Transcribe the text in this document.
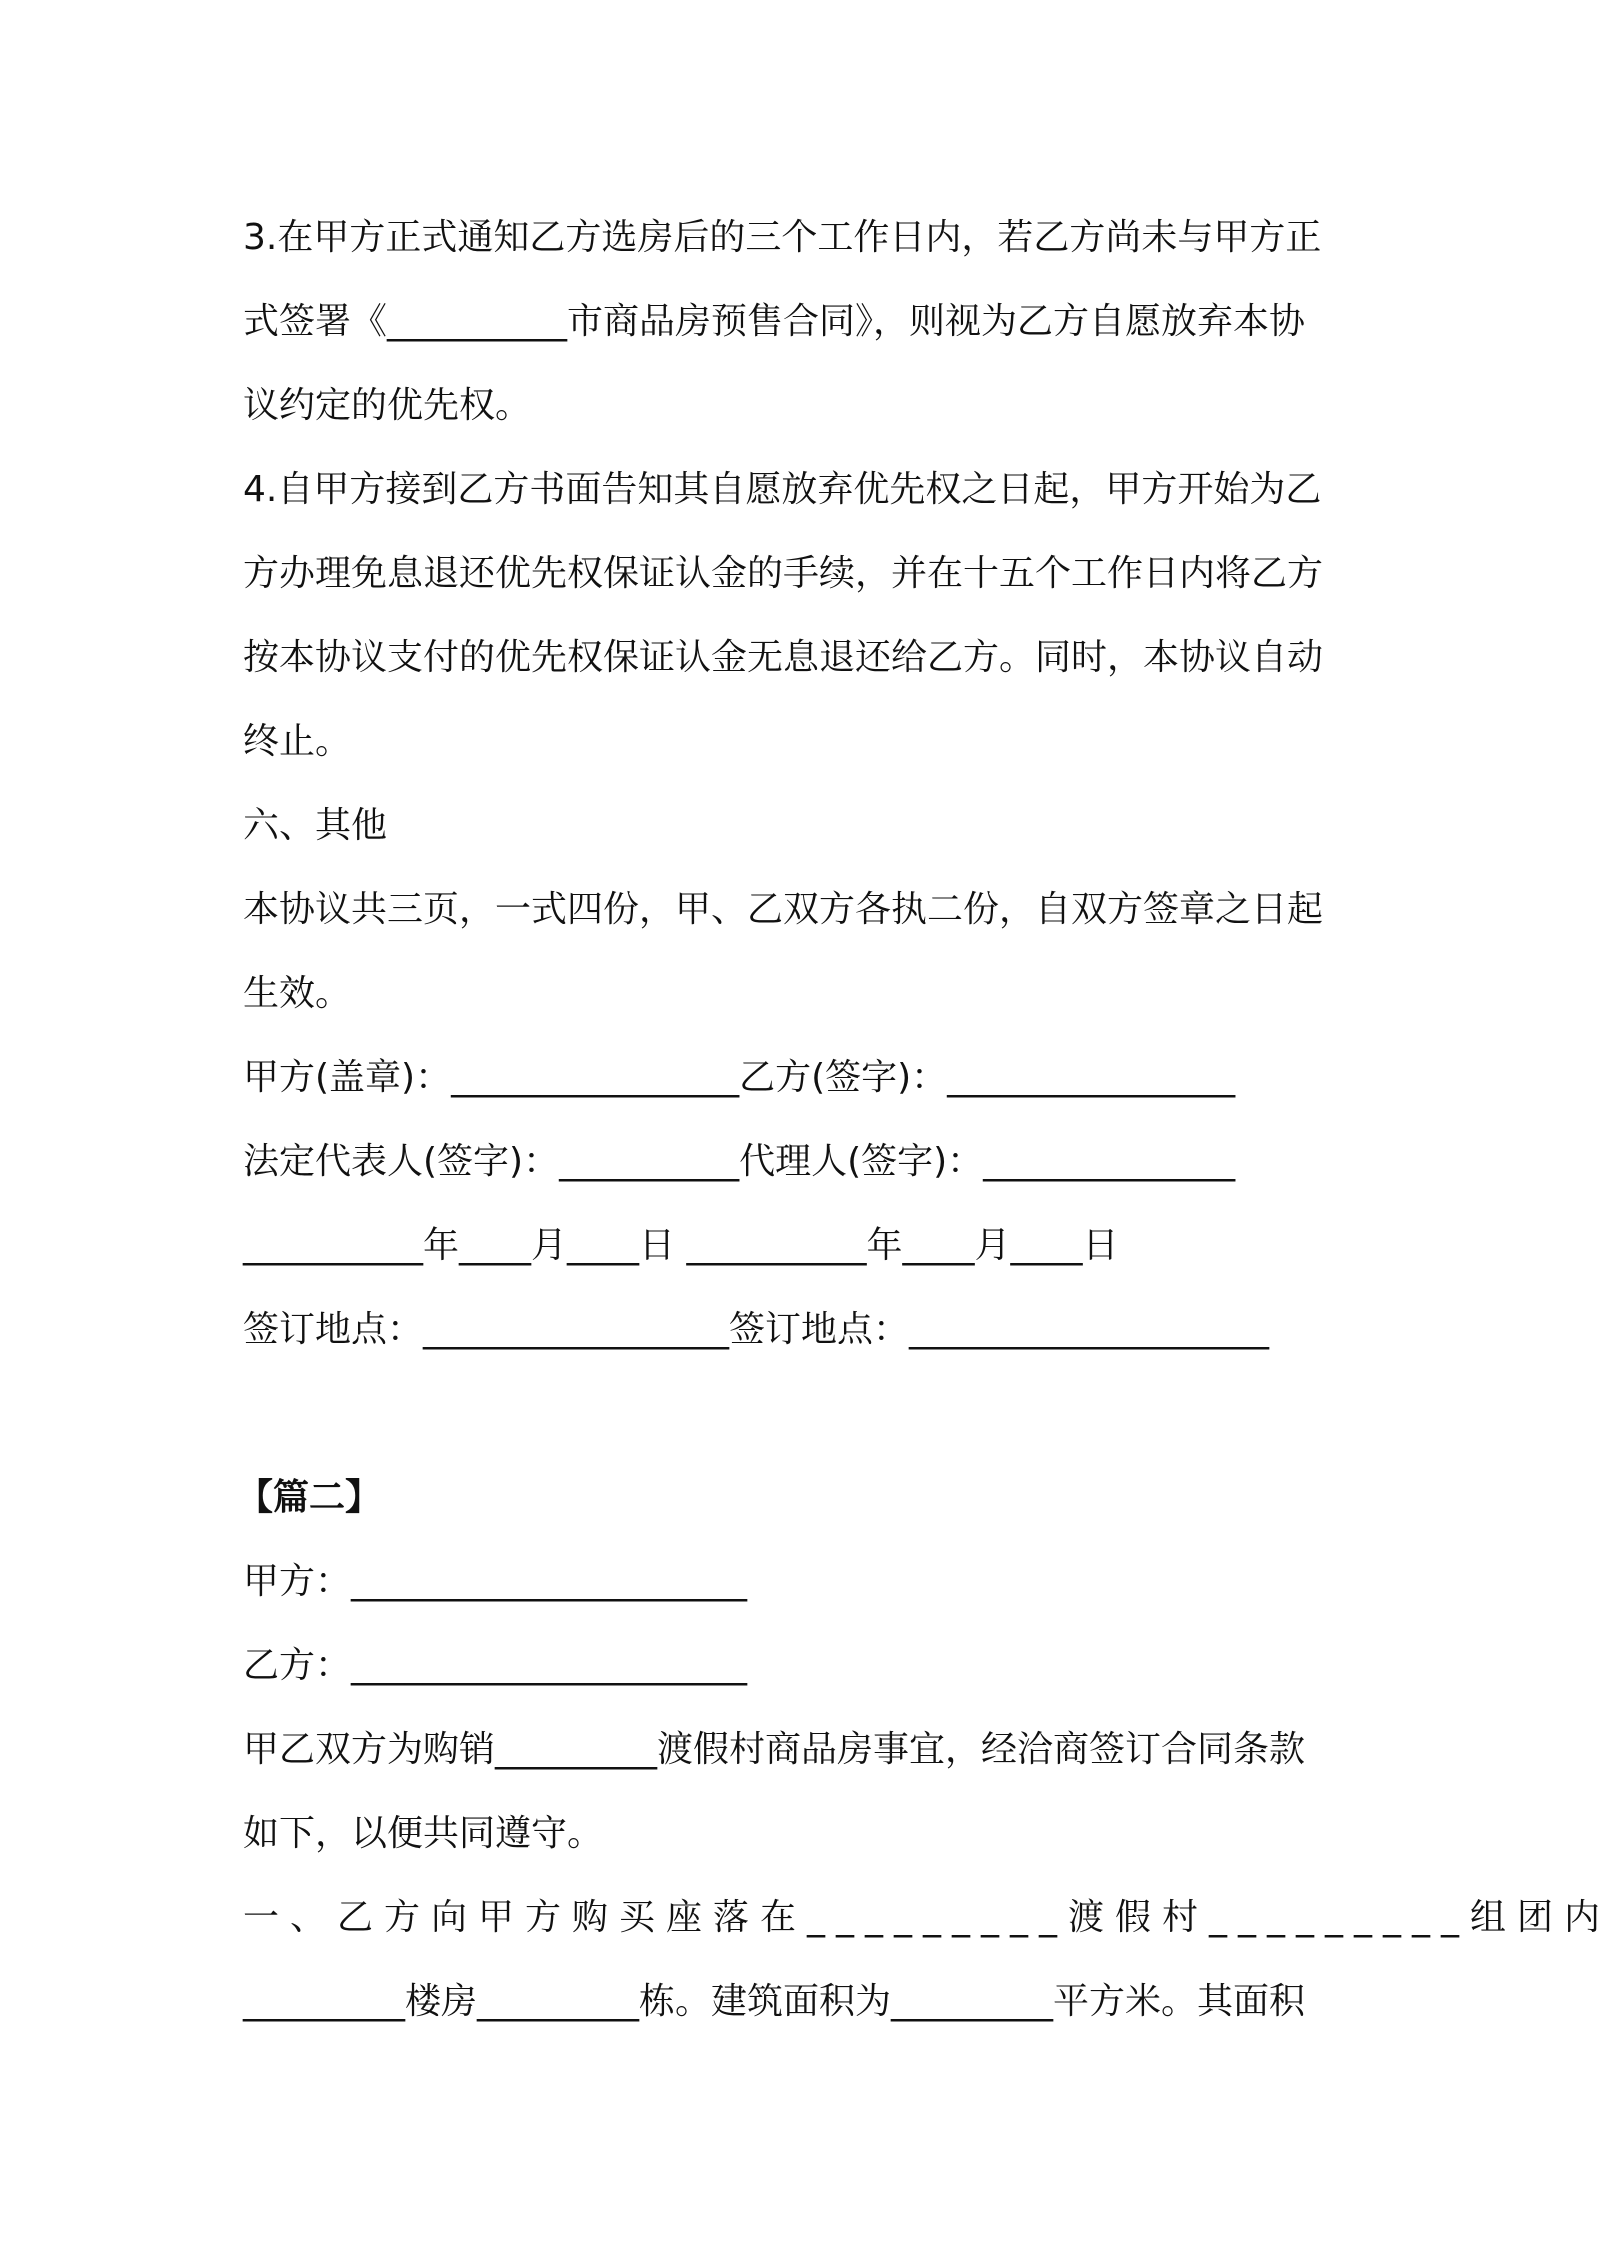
3.在甲方正式通知乙方选房后的三个工作日内，若乙方尚未与甲方正

式签署《__________市商品房预售合同》，则视为乙方自愿放弃本协

议约定的优先权。

4.自甲方接到乙方书面告知其自愿放弃优先权之日起，甲方开始为乙

方办理免息退还优先权保证认金的手续，并在十五个工作日内将乙方

按本协议支付的优先权保证认金无息退还给乙方。同时，本协议自动

终止。

六、其他

本协议共三页，一式四份，甲、乙双方各执二份，自双方签章之日起

生效。

甲方(盖章)：________________乙方(签字)：________________

法定代表人(签字)：__________代理人(签字)：______________

__________年____月____日 __________年____月____日

签订地点：_________________签订地点：____________________

【篇二】

甲方：______________________

乙方：______________________

甲乙双方为购销_________渡假村商品房事宜，经洽商签订合同条款

如下，以便共同遵守。

一、乙方向甲方购买座落在_________渡假村_________组团内

_________楼房_________栋。建筑面积为_________平方米。其面积
